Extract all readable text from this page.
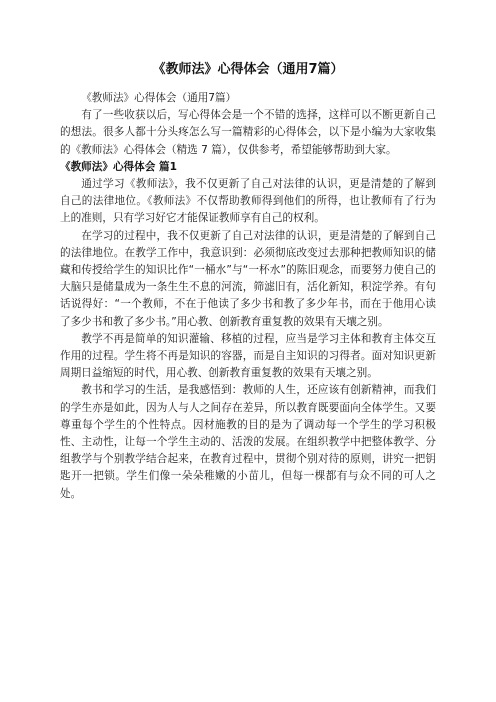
《教师法》心得体会（通用7篇）

《教师法》心得体会（通用7篇）

有了一些收获以后，写心得体会是一个不错的选择，这样可以不断更新自己的想法。很多人都十分头疼怎么写一篇精彩的心得体会，以下是小编为大家收集的《教师法》心得体会（精选 7 篇），仅供参考，希望能够帮助到大家。

《教师法》心得体会 篇1

通过学习《教师法》，我不仅更新了自己对法律的认识，更是清楚的了解到自己的法律地位。《教师法》不仅帮助教师得到他们的所得，也让教师有了行为上的准则，只有学习好它才能保证教师享有自己的权利。

在学习的过程中，我不仅更新了自己对法律的认识，更是清楚的了解到自己的法律地位。在教学工作中，我意识到：必须彻底改变过去那种把教师知识的储藏和传授给学生的知识比作“一桶水”与“一杯水”的陈旧观念，而要努力使自己的大脑只是储量成为一条生生不息的河流，筛滤旧有，活化新知，积淀学养。有句话说得好：“一个教师，不在于他读了多少书和教了多少年书，而在于他用心读了多少书和教了多少书。”用心教、创新教育重复教的效果有天壤之别。

教学不再是简单的知识灌输、移植的过程，应当是学习主体和教育主体交互作用的过程。学生将不再是知识的容器，而是自主知识的习得者。面对知识更新周期日益缩短的时代，用心教、创新教育重复教的效果有天壤之别。

教书和学习的生活，是我感悟到：教师的人生，还应该有创新精神，而我们的学生亦是如此，因为人与人之间存在差异，所以教育既要面向全体学生。又要尊重每个学生的个性特点。因材施教的目的是为了调动每一个学生的学习积极性、主动性，让每一个学生主动的、活泼的发展。在组织教学中把整体教学、分组教学与个别教学结合起来，在教育过程中，贯彻个别对待的原则，讲究一把钥匙开一把锁。学生们像一朵朵稚嫩的小苗儿，但每一棵都有与众不同的可人之处。
